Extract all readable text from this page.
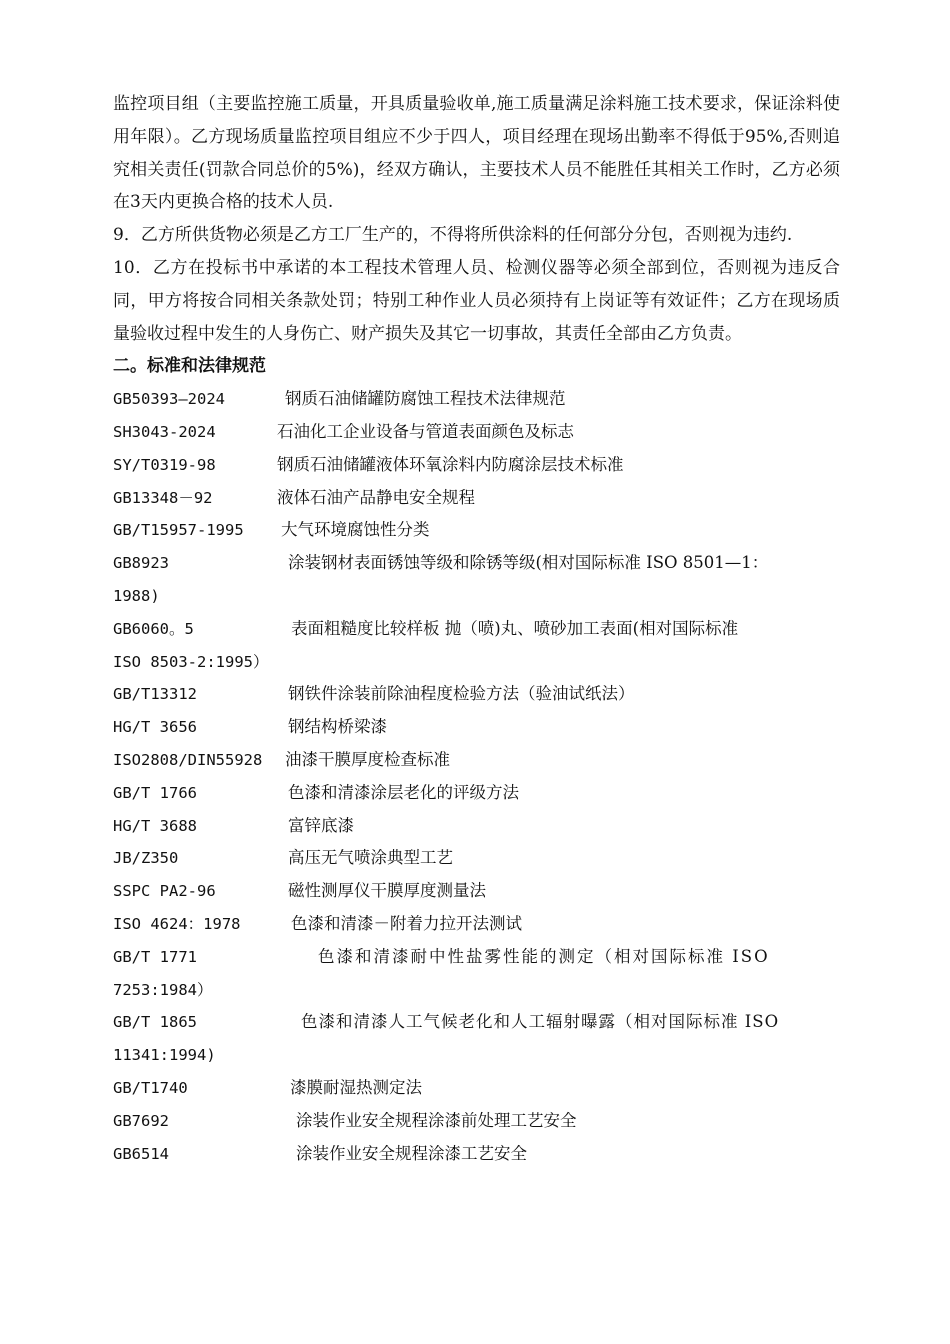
监控项目组（主要监控施工质量，开具质量验收单,施工质量满足涂料施工技术要求，保证涂料使用年限）。乙方现场质量监控项目组应不少于四人，项目经理在现场出勤率不得低于95%,否则追究相关责任(罚款合同总价的5%)，经双方确认，主要技术人员不能胜任其相关工作时，乙方必须在3天内更换合格的技术人员.

9．乙方所供货物必须是乙方工厂生产的，不得将所供涂料的任何部分分包，否则视为违约.

10．乙方在投标书中承诺的本工程技术管理人员、检测仪器等必须全部到位，否则视为违反合同，甲方将按合同相关条款处罚；特别工种作业人员必须持有上岗证等有效证件；乙方在现场质量验收过程中发生的人身伤亡、财产损失及其它一切事故，其责任全部由乙方负责。

二。标准和法律规范

GB50393—2024	钢质石油储罐防腐蚀工程技术法律规范

SH3043-2024	石油化工企业设备与管道表面颜色及标志

SY/T0319-98	钢质石油储罐液体环氧涂料内防腐涂层技术标准

GB13348－92	液体石油产品静电安全规程

GB/T15957-1995 大气环境腐蚀性分类

GB8923	涂装钢材表面锈蚀等级和除锈等级(相对国际标准 ISO 8501—1：
1988)

GB6060。5	表面粗糙度比较样板 抛（喷)丸、喷砂加工表面(相对国际标准
ISO 8503-2:1995）

GB/T13312	钢铁件涂装前除油程度检验方法（验油试纸法）

HG/T 3656	钢结构桥梁漆

ISO2808/DIN55928 油漆干膜厚度检查标准

GB/T 1766	色漆和清漆涂层老化的评级方法

HG/T 3688	富锌底漆

JB/Z350	高压无气喷涂典型工艺

SSPC PA2-96	磁性测厚仪干膜厚度测量法

ISO 4624：1978	色漆和清漆－附着力拉开法测试

GB/T 1771	色漆和清漆耐中性盐雾性能的测定（相对国际标准 ISO
7253:1984）

GB/T 1865	色漆和清漆人工气候老化和人工辐射曝露（相对国际标准 ISO
11341:1994)

GB/T1740	漆膜耐湿热测定法

GB7692	涂装作业安全规程涂漆前处理工艺安全

GB6514	涂装作业安全规程涂漆工艺安全
